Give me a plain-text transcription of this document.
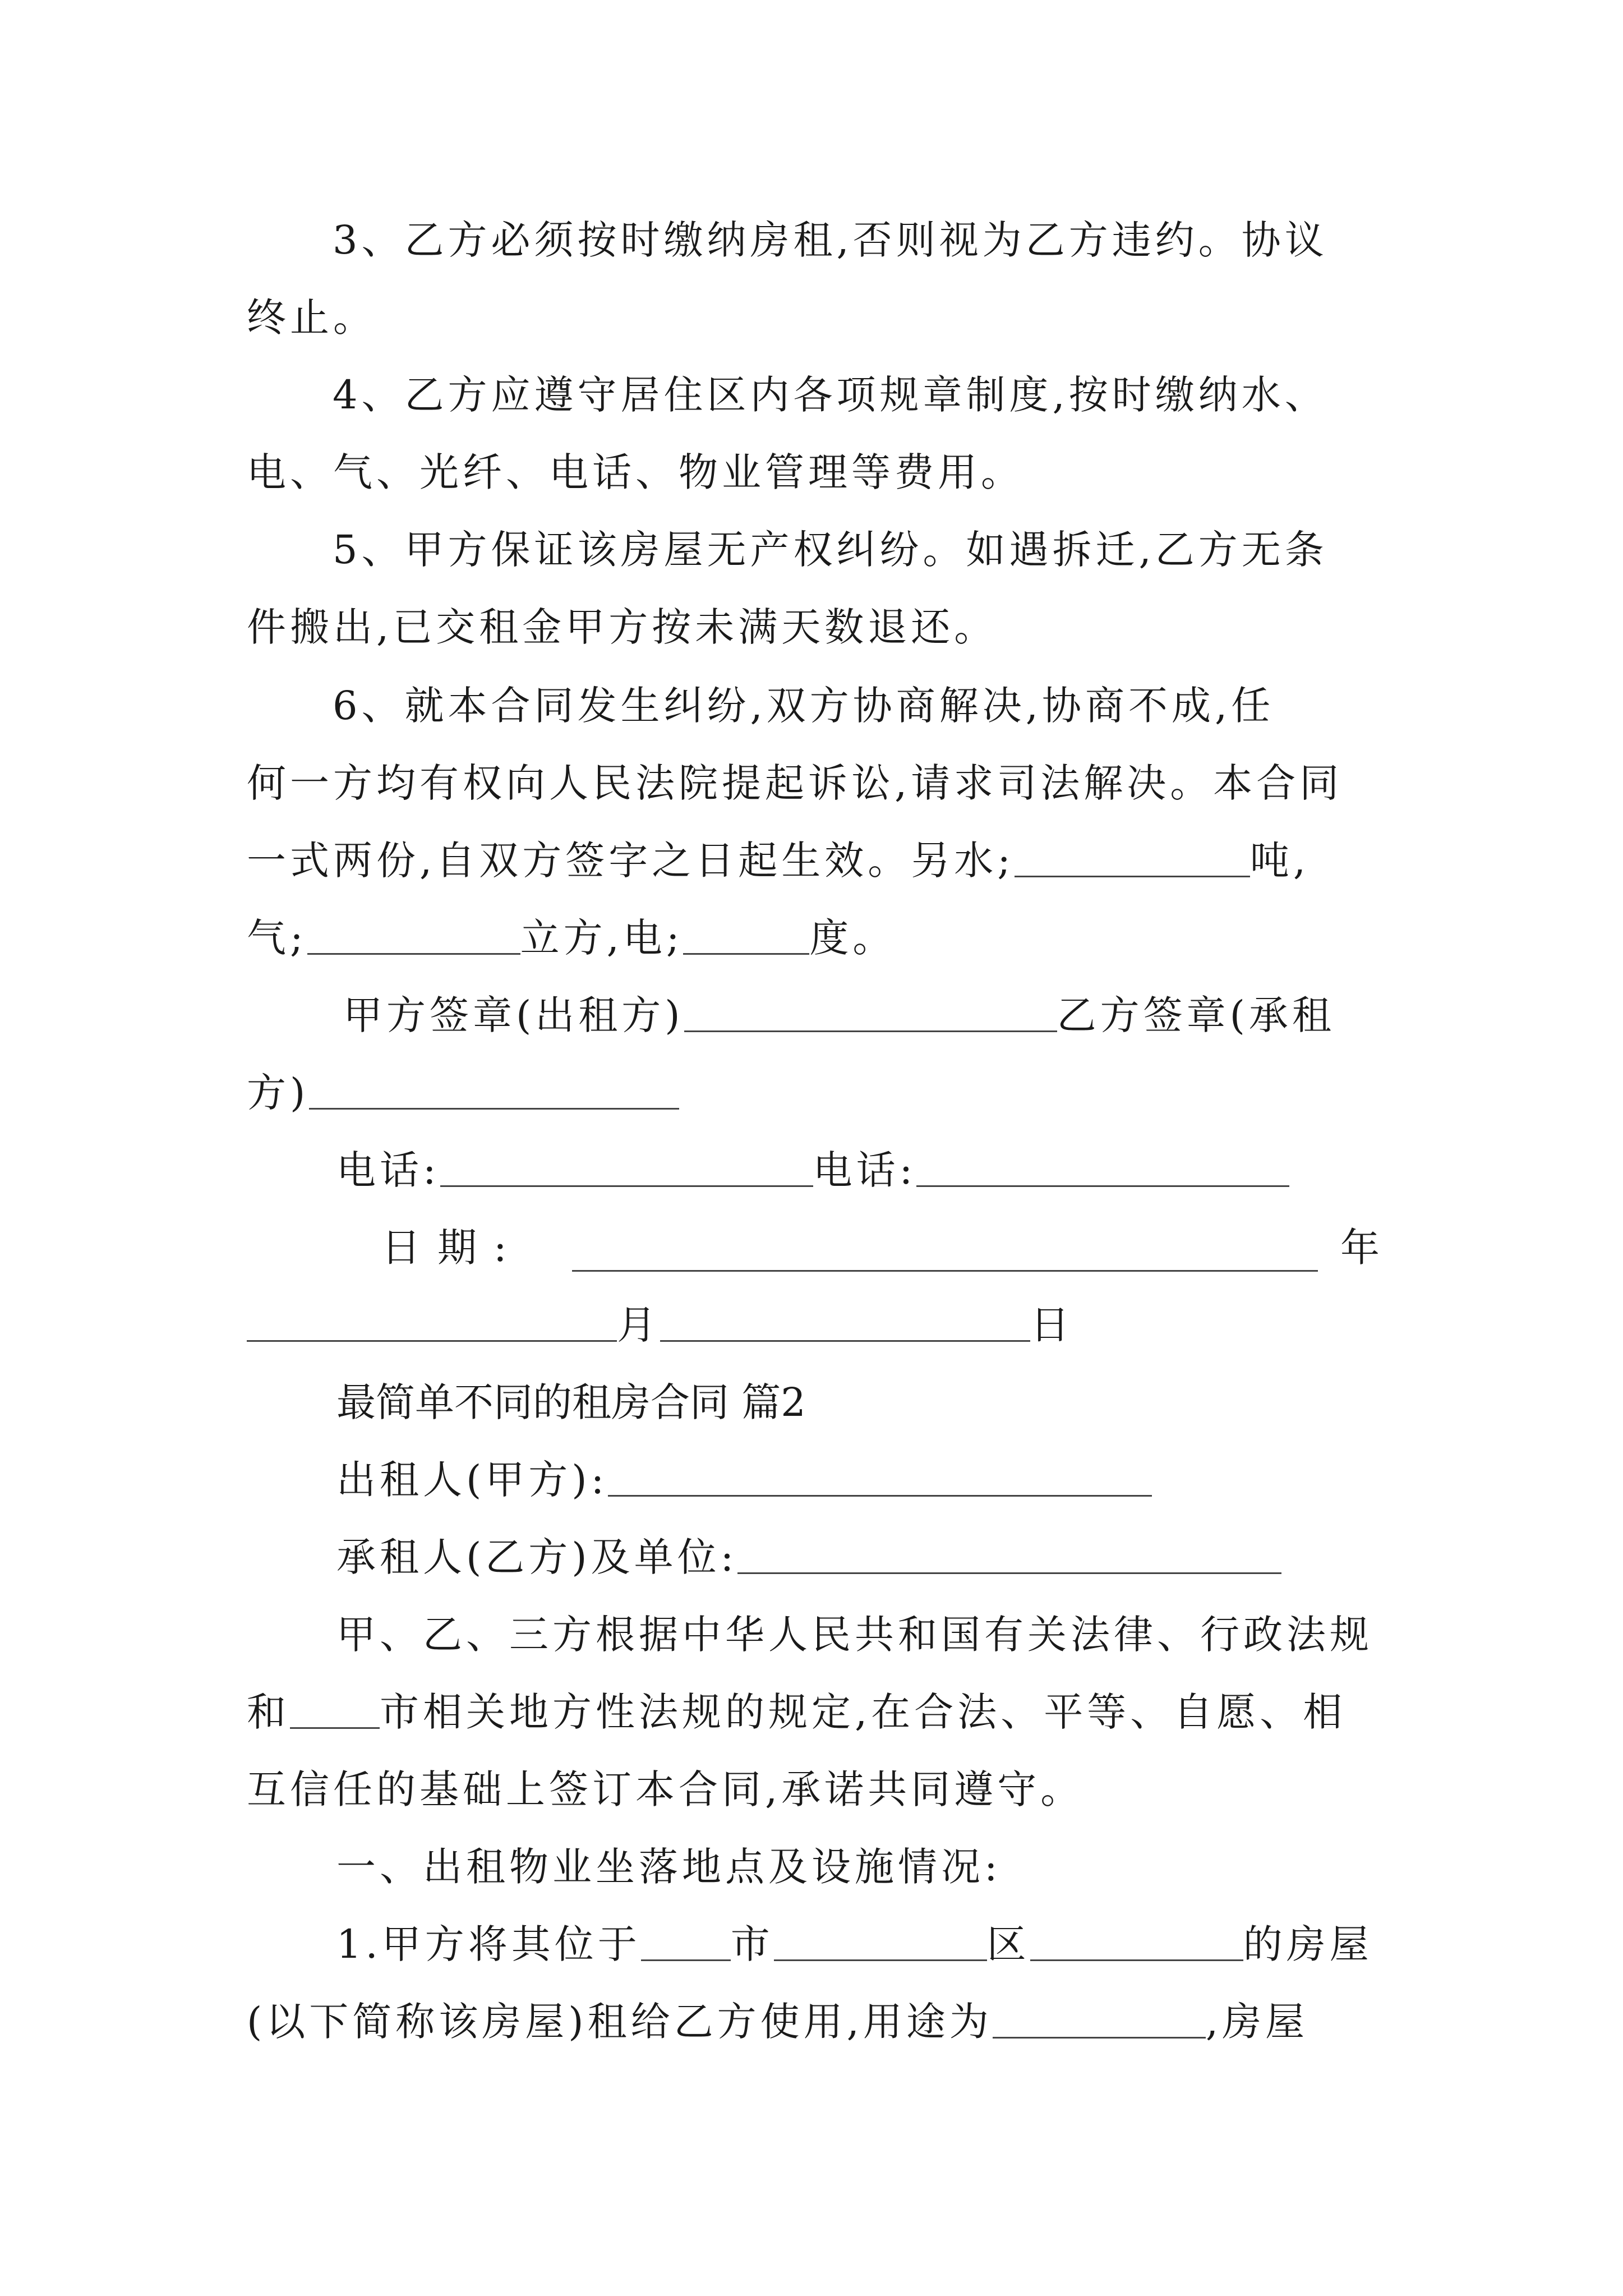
3、乙方必须按时缴纳房租,否则视为乙方违约。协议
终止。
4、乙方应遵守居住区内各项规章制度,按时缴纳水、
电、气、光纤、电话、物业管理等费用。
5、甲方保证该房屋无产权纠纷。如遇拆迁,乙方无条
件搬出,已交租金甲方按未满天数退还。
6、就本合同发生纠纷,双方协商解决,协商不成,任
何一方均有权向人民法院提起诉讼,请求司法解决。本合同
一式两份,自双方签字之日起生效。另水;	吨,
气;	立方,电;	度。
甲方签章(出租方)	乙方签章(承租
方)
电话:	电话:
日期:	年
月	日
最简单不同的租房合同 篇2
出租人(甲方):
承租人(乙方)及单位:
甲、乙、三方根据中华人民共和国有关法律、行政法规
和 市相关地方性法规的规定,在合法、平等、自愿、相
互信任的基础上签订本合同,承诺共同遵守。
一、出租物业坐落地点及设施情况:
1.甲方将其位于 市	区	的房屋
(以下简称该房屋)租给乙方使用,用途为	,房屋
